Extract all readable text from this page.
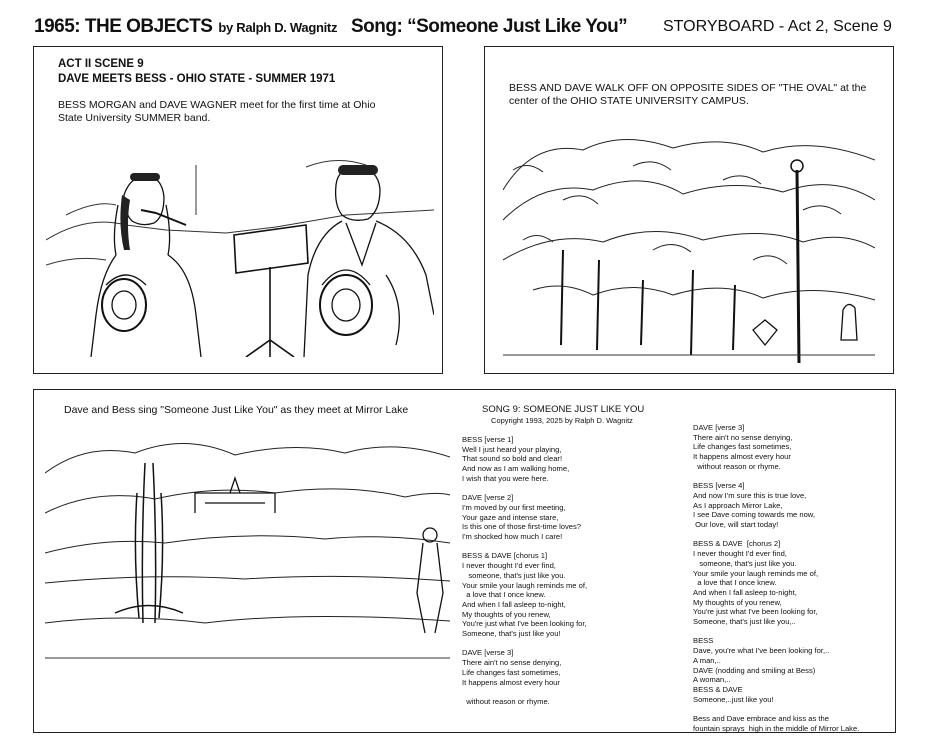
1965: THE OBJECTS by Ralph D. Wagnitz Song: “Someone Just Like You” STORYBOARD - Act 2, Scene 9
ACT II SCENE 9
DAVE MEETS BESS - OHIO STATE - SUMMER 1971
BESS MORGAN and DAVE WAGNER meet for the first time at Ohio State University SUMMER band.
BESS AND DAVE WALK OFF ON OPPOSITE SIDES OF "THE OVAL" at the center of the OHIO STATE UNIVERSITY CAMPUS.
Dave and Bess sing "Someone Just Like You" as they meet at Mirror Lake	SONG 9: SOMEONE JUST LIKE YOU
Copyright 1993, 2025 by Ralph D. Wagnitz
BESS [verse 1]
Well I just heard your playing,
That sound so bold and clear!
And now as I am walking home,
I wish that you were here.
DAVE [verse 2]
I'm moved by our first meeting,
Your gaze and intense stare,
Is this one of those first-time loves?
I'm shocked how much I care!
BESS & DAVE [chorus 1]
I never thought I'd ever find,
someone, that's just like you.
Your smile your laugh reminds me of,
a love that I once knew.
And when I fall asleep to-night,
My thoughts of you renew,
You're just what I've been looking for,
Someone, that's just like you!
DAVE [verse 3]
There ain't no sense denying,
Life changes fast sometimes,
It happens almost every hour

without reason or rhyme.
DAVE [verse 3]
There ain't no sense denying,
Life changes fast sometimes,
It happens almost every hour
without reason or rhyme.
BESS [verse 4]
And now I'm sure this is true love,
As I approach Mirror Lake,
I see Dave coming towards me now,
Our love, will start today!
BESS & DAVE  [chorus 2]
I never thought I'd ever find,
someone, that's just like you.
Your smile your laugh reminds me of,
a love that I once knew.
And when I fall asleep to-night,
My thoughts of you renew,
You're just what I've been looking for,
Someone, that's just like you,..
BESS
Dave, you're what I've been looking for,..
A man,..
DAVE (nodding and smiling at Bess)
A woman,..
BESS & DAVE
Someone,..just like you!
Bess and Dave embrace and kiss as the
fountain sprays  high in the middle of Mirror Lake.
